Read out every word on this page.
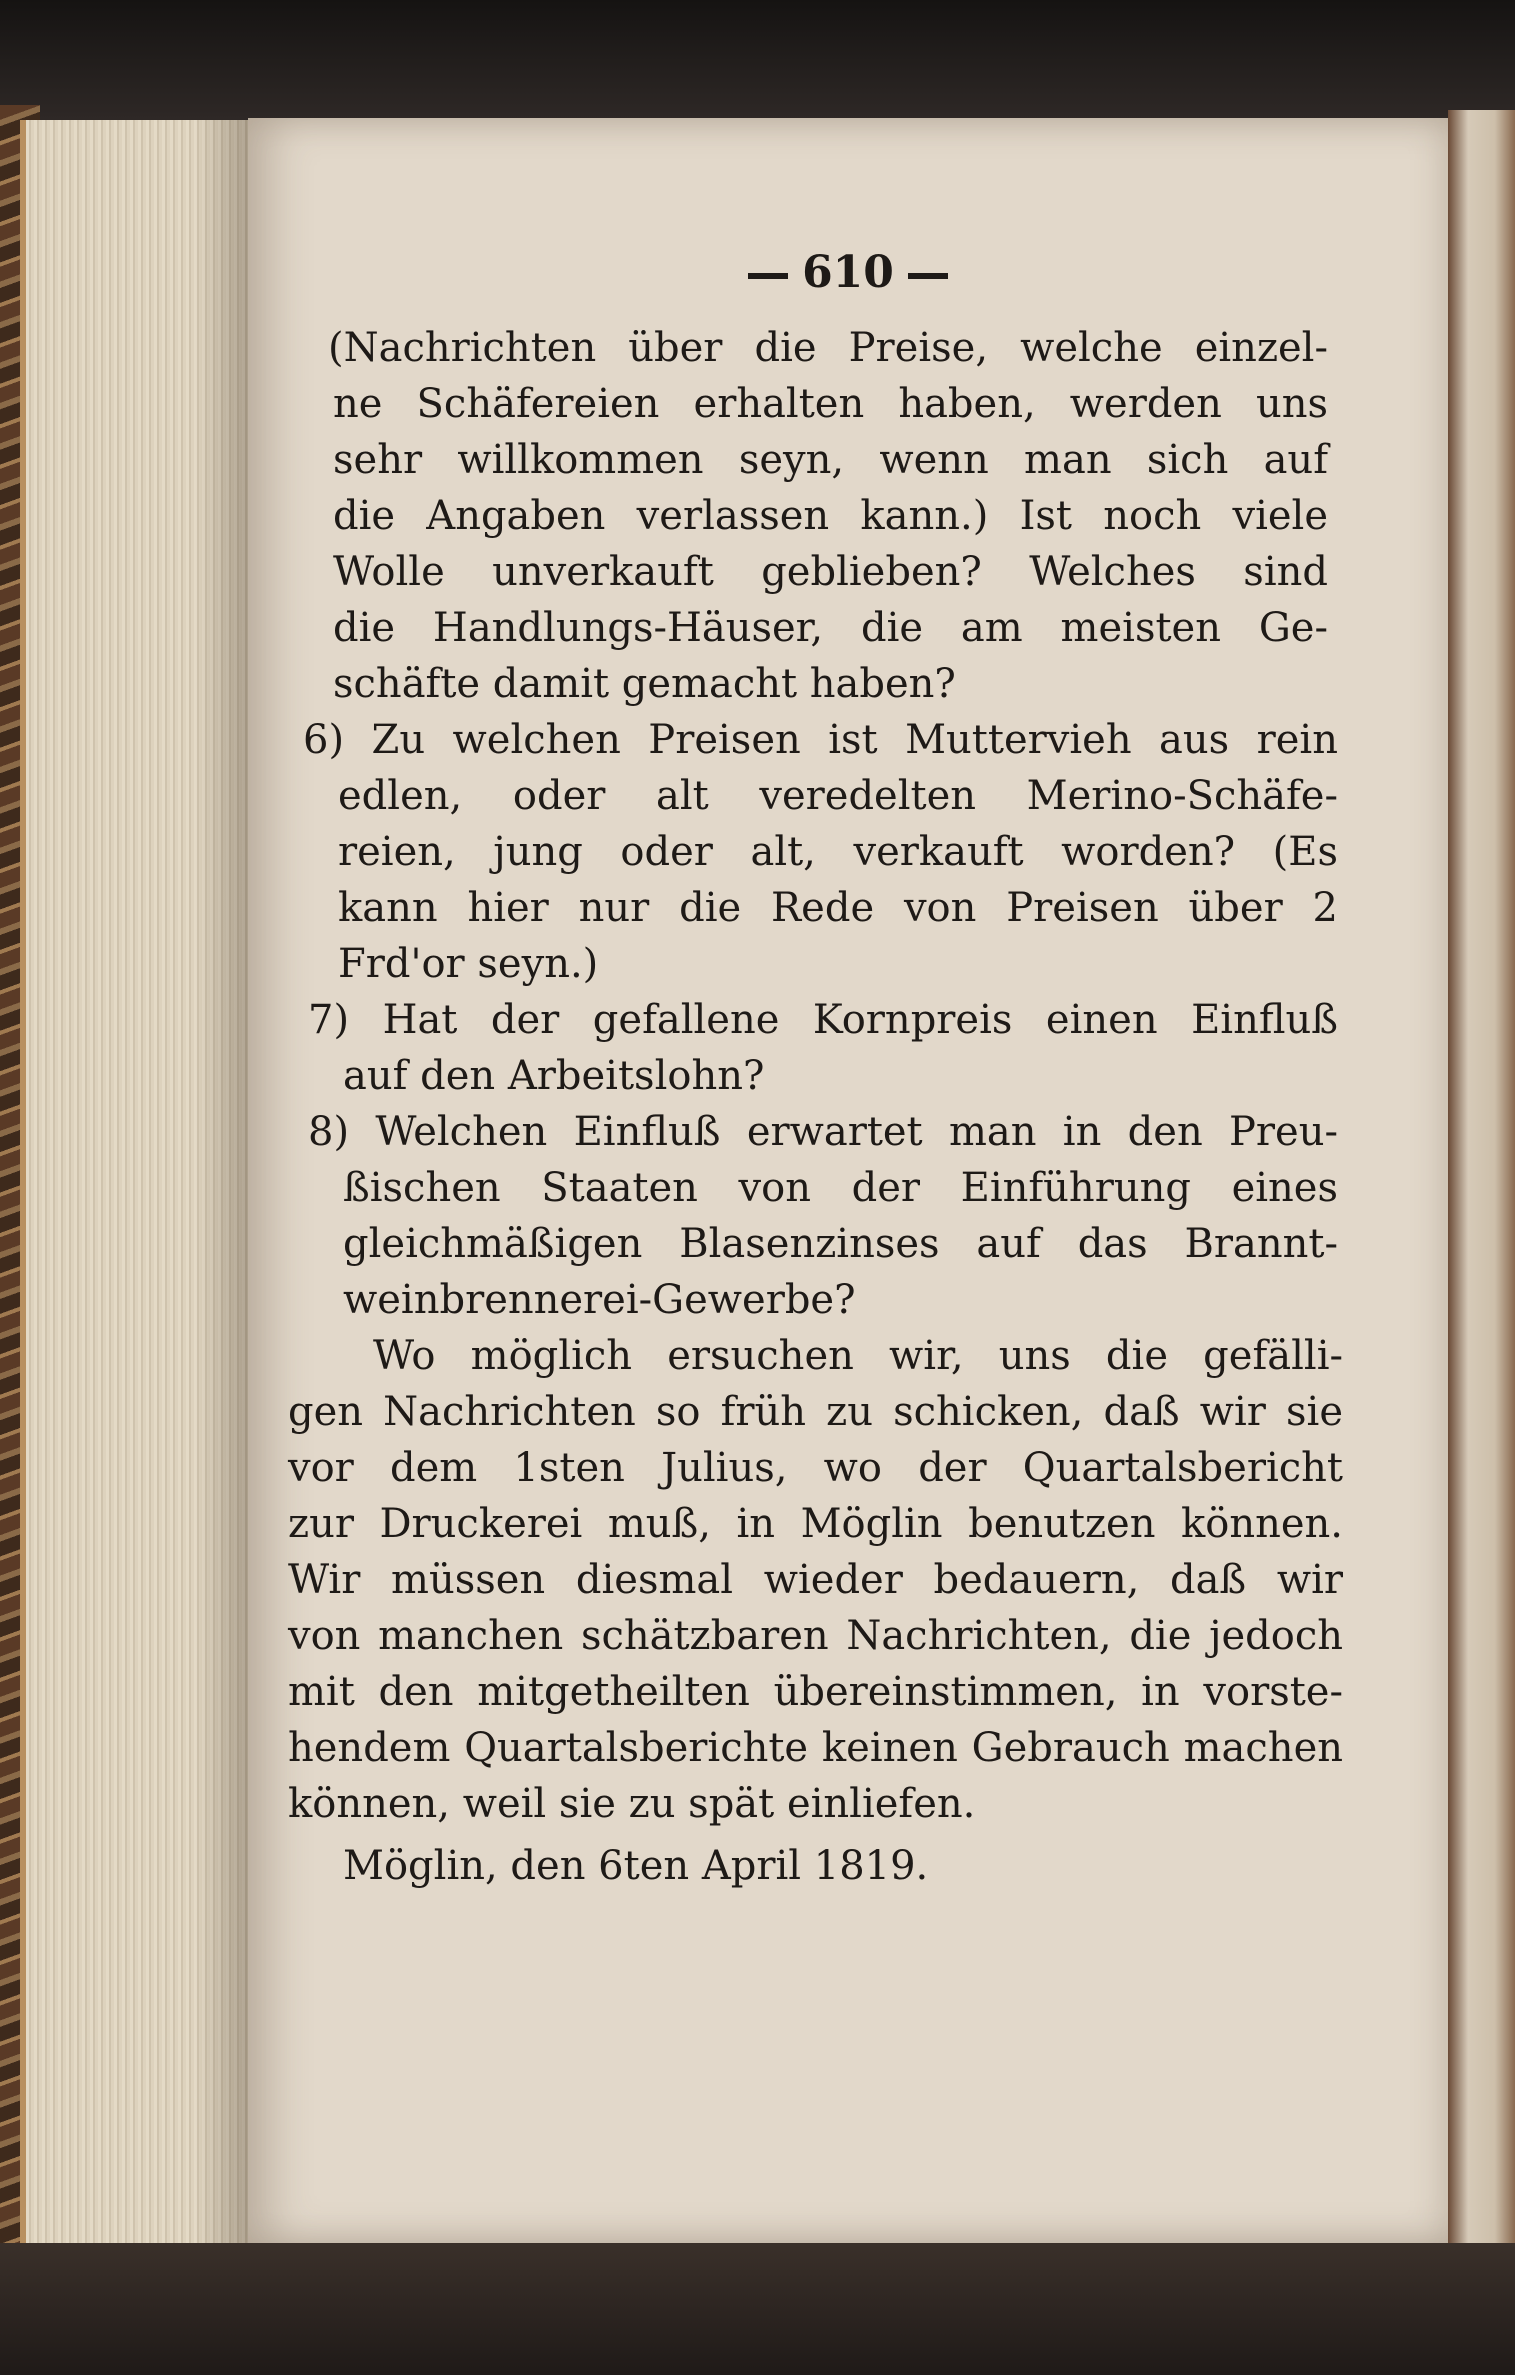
610
(Nachrichten über die Preise, welche einzel-
ne Schäfereien erhalten haben, werden uns
sehr willkommen seyn, wenn man sich auf
die Angaben verlassen kann.) Ist noch viele
Wolle unverkauft geblieben? Welches sind
die Handlungs-Häuser, die am meisten Ge-
schäfte damit gemacht haben?
6) Zu welchen Preisen ist Muttervieh aus rein
edlen, oder alt veredelten Merino-Schäfe-
reien, jung oder alt, verkauft worden? (Es
kann hier nur die Rede von Preisen über 2
Frd'or seyn.)
7) Hat der gefallene Kornpreis einen Einfluß
auf den Arbeitslohn?
8) Welchen Einfluß erwartet man in den Preu-
ßischen Staaten von der Einführung eines
gleichmäßigen Blasenzinses auf das Brannt-
weinbrennerei-Gewerbe?
Wo möglich ersuchen wir, uns die gefälli-
gen Nachrichten so früh zu schicken, daß wir sie
vor dem 1sten Julius, wo der Quartalsbericht
zur Druckerei muß, in Möglin benutzen können.
Wir müssen diesmal wieder bedauern, daß wir
von manchen schätzbaren Nachrichten, die jedoch
mit den mitgetheilten übereinstimmen, in vorste-
hendem Quartalsberichte keinen Gebrauch machen
können, weil sie zu spät einliefen.
Möglin, den 6ten April 1819.
